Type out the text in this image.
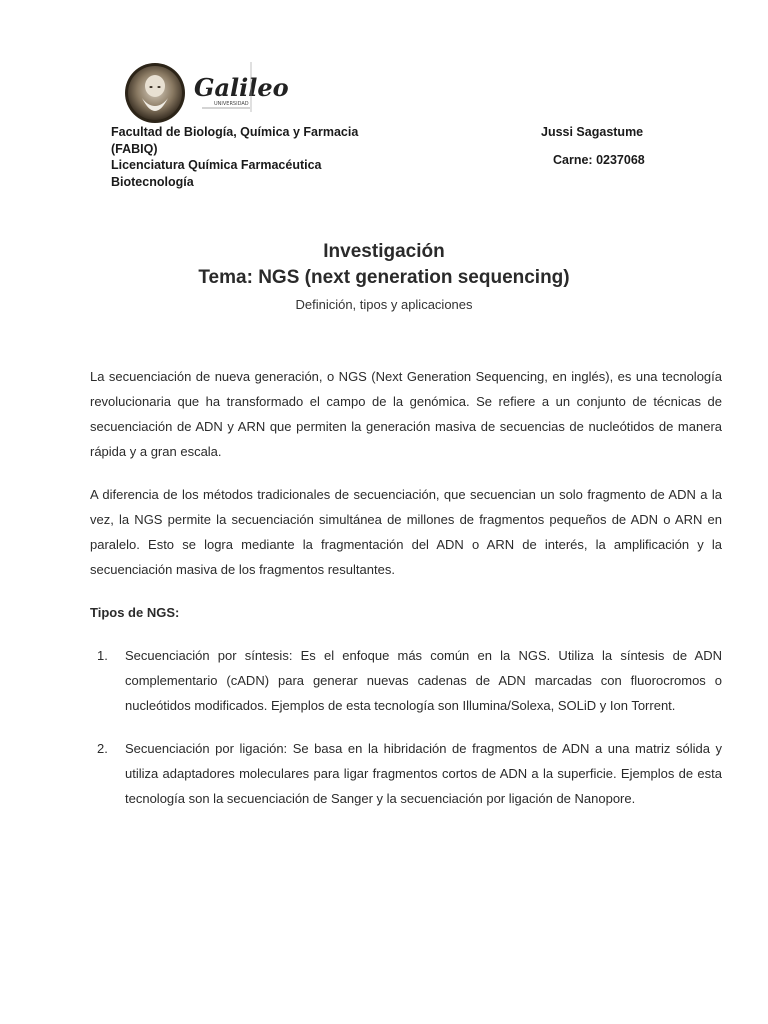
Galileo
UNIVERSIDAD
Facultad de Biología, Química y Farmacia
(FABIQ)
Licenciatura Química Farmacéutica
Biotecnología
Jussi Sagastume
Carne: 0237068
Investigación
Tema: NGS (next generation sequencing)
Definición, tipos y aplicaciones

La secuenciación de nueva generación, o NGS (Next Generation Sequencing, en inglés), es una tecnología revolucionaria que ha transformado el campo de la genómica. Se refiere a un conjunto de técnicas de secuenciación de ADN y ARN que permiten la generación masiva de secuencias de nucleótidos de manera rápida y a gran escala.

A diferencia de los métodos tradicionales de secuenciación, que secuencian un solo fragmento de ADN a la vez, la NGS permite la secuenciación simultánea de millones de fragmentos pequeños de ADN o ARN en paralelo. Esto se logra mediante la fragmentación del ADN o ARN de interés, la amplificación y la secuenciación masiva de los fragmentos resultantes.

Tipos de NGS:
1. Secuenciación por síntesis: Es el enfoque más común en la NGS. Utiliza la síntesis de ADN complementario (cADN) para generar nuevas cadenas de ADN marcadas con fluorocromos o nucleótidos modificados. Ejemplos de esta tecnología son Illumina/Solexa, SOLiD y Ion Torrent.
2. Secuenciación por ligación: Se basa en la hibridación de fragmentos de ADN a una matriz sólida y utiliza adaptadores moleculares para ligar fragmentos cortos de ADN a la superficie. Ejemplos de esta tecnología son la secuenciación de Sanger y la secuenciación por ligación de Nanopore.
